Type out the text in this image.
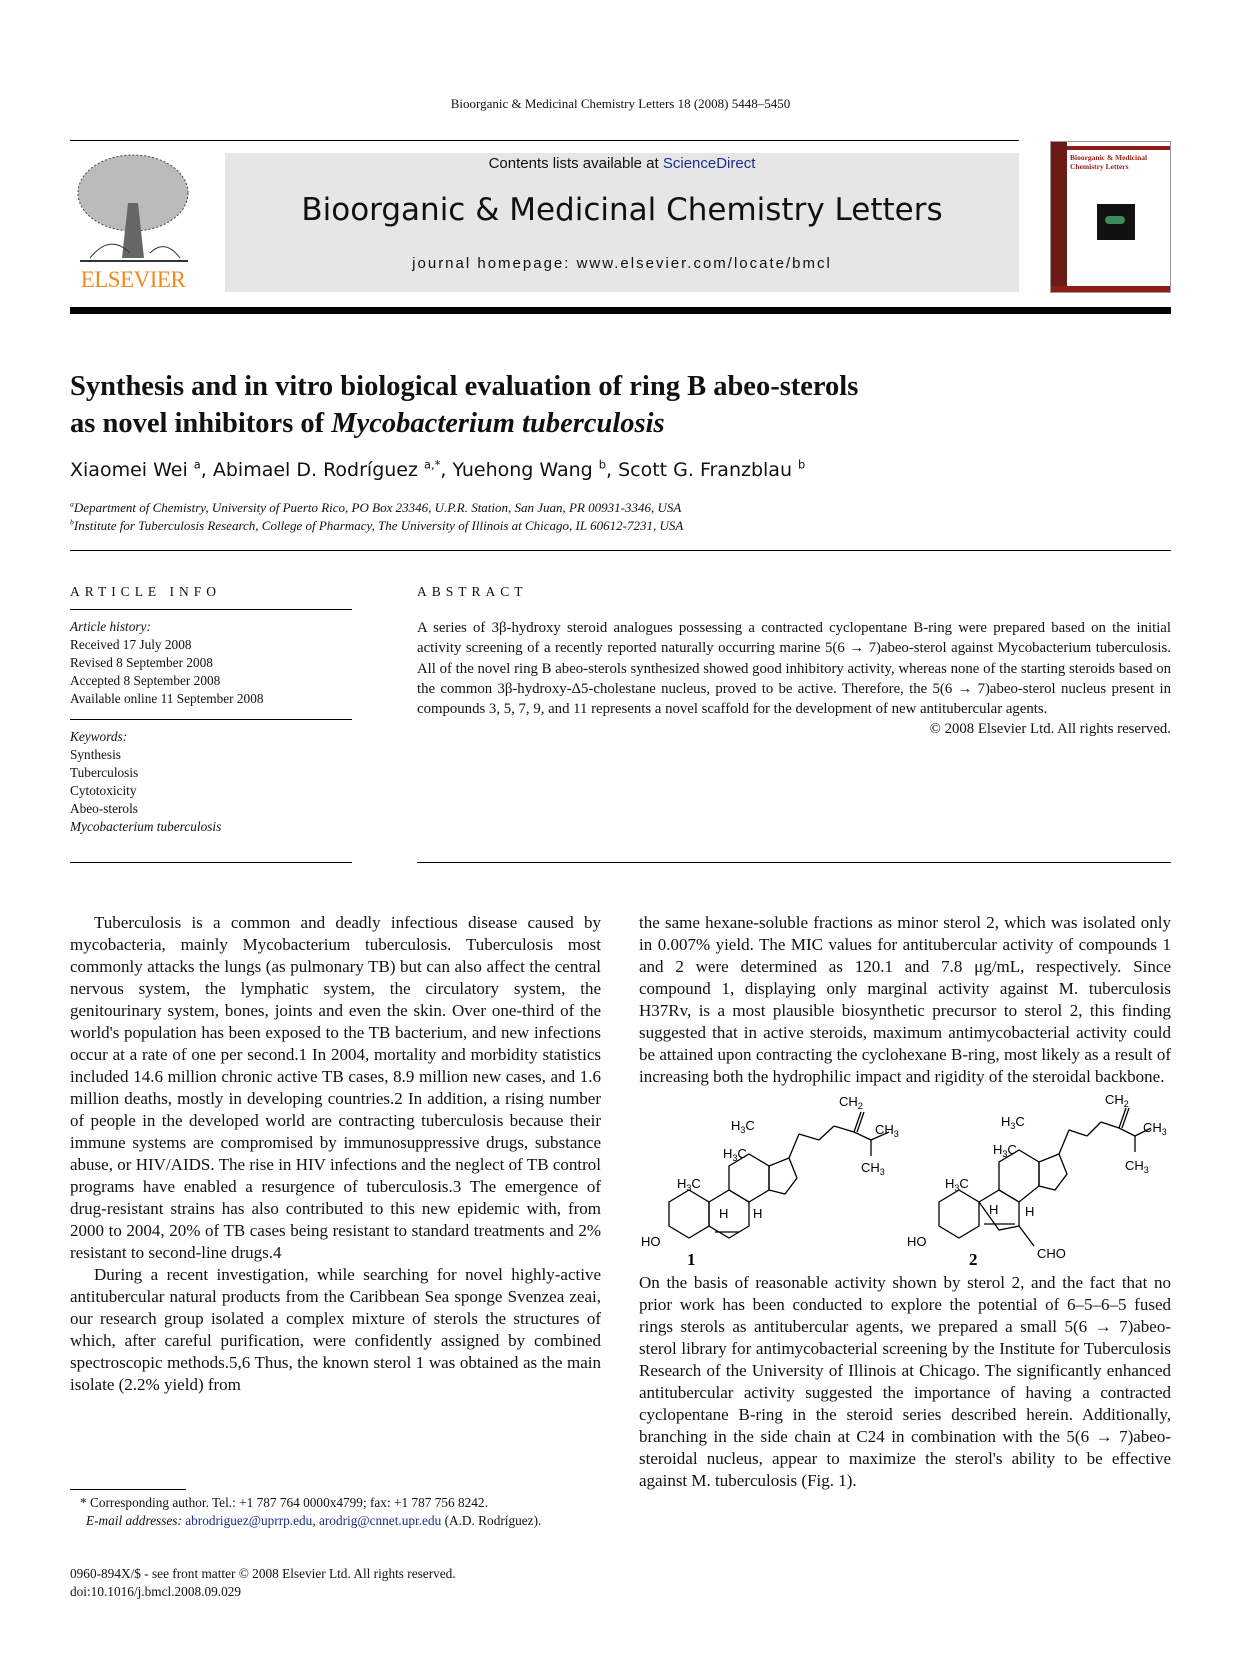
Bioorganic & Medicinal Chemistry Letters 18 (2008) 5448–5450
ELSEVIER
Contents lists available at ScienceDirect
Bioorganic & Medicinal Chemistry Letters
journal homepage: www.elsevier.com/locate/bmcl
Bioorganic & Medicinal Chemistry Letters
Synthesis and in vitro biological evaluation of ring B abeo-sterols
as novel inhibitors of Mycobacterium tuberculosis
Xiaomei Wei $^a$, Abimael D. Rodríguez $^{a,*}$, Yuehong Wang $^b$, Scott G. Franzblau $^b$
$^a$Department of Chemistry, University of Puerto Rico, PO Box 23346, U.P.R. Station, San Juan, PR 00931-3346, USA
$^b$Institute for Tuberculosis Research, College of Pharmacy, The University of Illinois at Chicago, IL 60612-7231, USA
ARTICLE INFO
Article history:
Received 17 July 2008
Revised 8 September 2008
Accepted 8 September 2008
Available online 11 September 2008
Keywords:
Synthesis
Tuberculosis
Cytotoxicity
Abeo-sterols
Mycobacterium tuberculosis
ABSTRACT

A series of 3β-hydroxy steroid analogues possessing a contracted cyclopentane B-ring were prepared based on the initial activity screening of a recently reported naturally occurring marine 5(6 → 7)abeo-sterol against Mycobacterium tuberculosis. All of the novel ring B abeo-sterols synthesized showed good inhibitory activity, whereas none of the starting steroids based on the common 3β-hydroxy-Δ5-cholestane nucleus, proved to be active. Therefore, the 5(6 → 7)abeo-sterol nucleus present in compounds 3, 5, 7, 9, and 11 represents a novel scaffold for the development of new antitubercular agents.

© 2008 Elsevier Ltd. All rights reserved.

Tuberculosis is a common and deadly infectious disease caused by mycobacteria, mainly Mycobacterium tuberculosis. Tuberculosis most commonly attacks the lungs (as pulmonary TB) but can also affect the central nervous system, the lymphatic system, the circulatory system, the genitourinary system, bones, joints and even the skin. Over one-third of the world's population has been exposed to the TB bacterium, and new infections occur at a rate of one per second.1 In 2004, mortality and morbidity statistics included 14.6 million chronic active TB cases, 8.9 million new cases, and 1.6 million deaths, mostly in developing countries.2 In addition, a rising number of people in the developed world are contracting tuberculosis because their immune systems are compromised by immunosuppressive drugs, substance abuse, or HIV/AIDS. The rise in HIV infections and the neglect of TB control programs have enabled a resurgence of tuberculosis.3 The emergence of drug-resistant strains has also contributed to this new epidemic with, from 2000 to 2004, 20% of TB cases being resistant to standard treatments and 2% resistant to second-line drugs.4

During a recent investigation, while searching for novel highly-active antitubercular natural products from the Caribbean Sea sponge Svenzea zeai, our research group isolated a complex mixture of sterols the structures of which, after careful purification, were confidently assigned by combined spectroscopic methods.5,6 Thus, the known sterol 1 was obtained as the main isolate (2.2% yield) from

the same hexane-soluble fractions as minor sterol 2, which was isolated only in 0.007% yield. The MIC values for antitubercular activity of compounds 1 and 2 were determined as 120.1 and 7.8 μg/mL, respectively. Since compound 1, displaying only marginal activity against M. tuberculosis H37Rv, is a most plausible biosynthetic precursor to sterol 2, this finding suggested that in active steroids, maximum antimycobacterial activity could be attained upon contracting the cyclohexane B-ring, most likely as a result of increasing both the hydrophilic impact and rigidity of the steroidal backbone.

HO
$H_3C$
$H_3C$
$H_3C$
$CH_2$
$CH_3$
$CH_3$
HO
$H_3C$
$H_3C$
$H_3C$
$CH_2$
$CH_3$
$CH_3$
CHO
H H	H H
1	2

On the basis of reasonable activity shown by sterol 2, and the fact that no prior work has been conducted to explore the potential of 6–5–6–5 fused rings sterols as antitubercular agents, we prepared a small 5(6 → 7)abeo-sterol library for antimycobacterial screening by the Institute for Tuberculosis Research of the University of Illinois at Chicago. The significantly enhanced antitubercular activity suggested the importance of having a contracted cyclopentane B-ring in the steroid series described herein. Additionally, branching in the side chain at C24 in combination with the 5(6 → 7)abeo-steroidal nucleus, appear to maximize the sterol's ability to be effective against M. tuberculosis (Fig. 1).

* Corresponding author. Tel.: +1 787 764 0000x4799; fax: +1 787 756 8242.
E-mail addresses: abrodriguez@uprrp.edu, arodrig@cnnet.upr.edu (A.D. Rodríguez).
0960-894X/$ - see front matter © 2008 Elsevier Ltd. All rights reserved.
doi:10.1016/j.bmcl.2008.09.029
